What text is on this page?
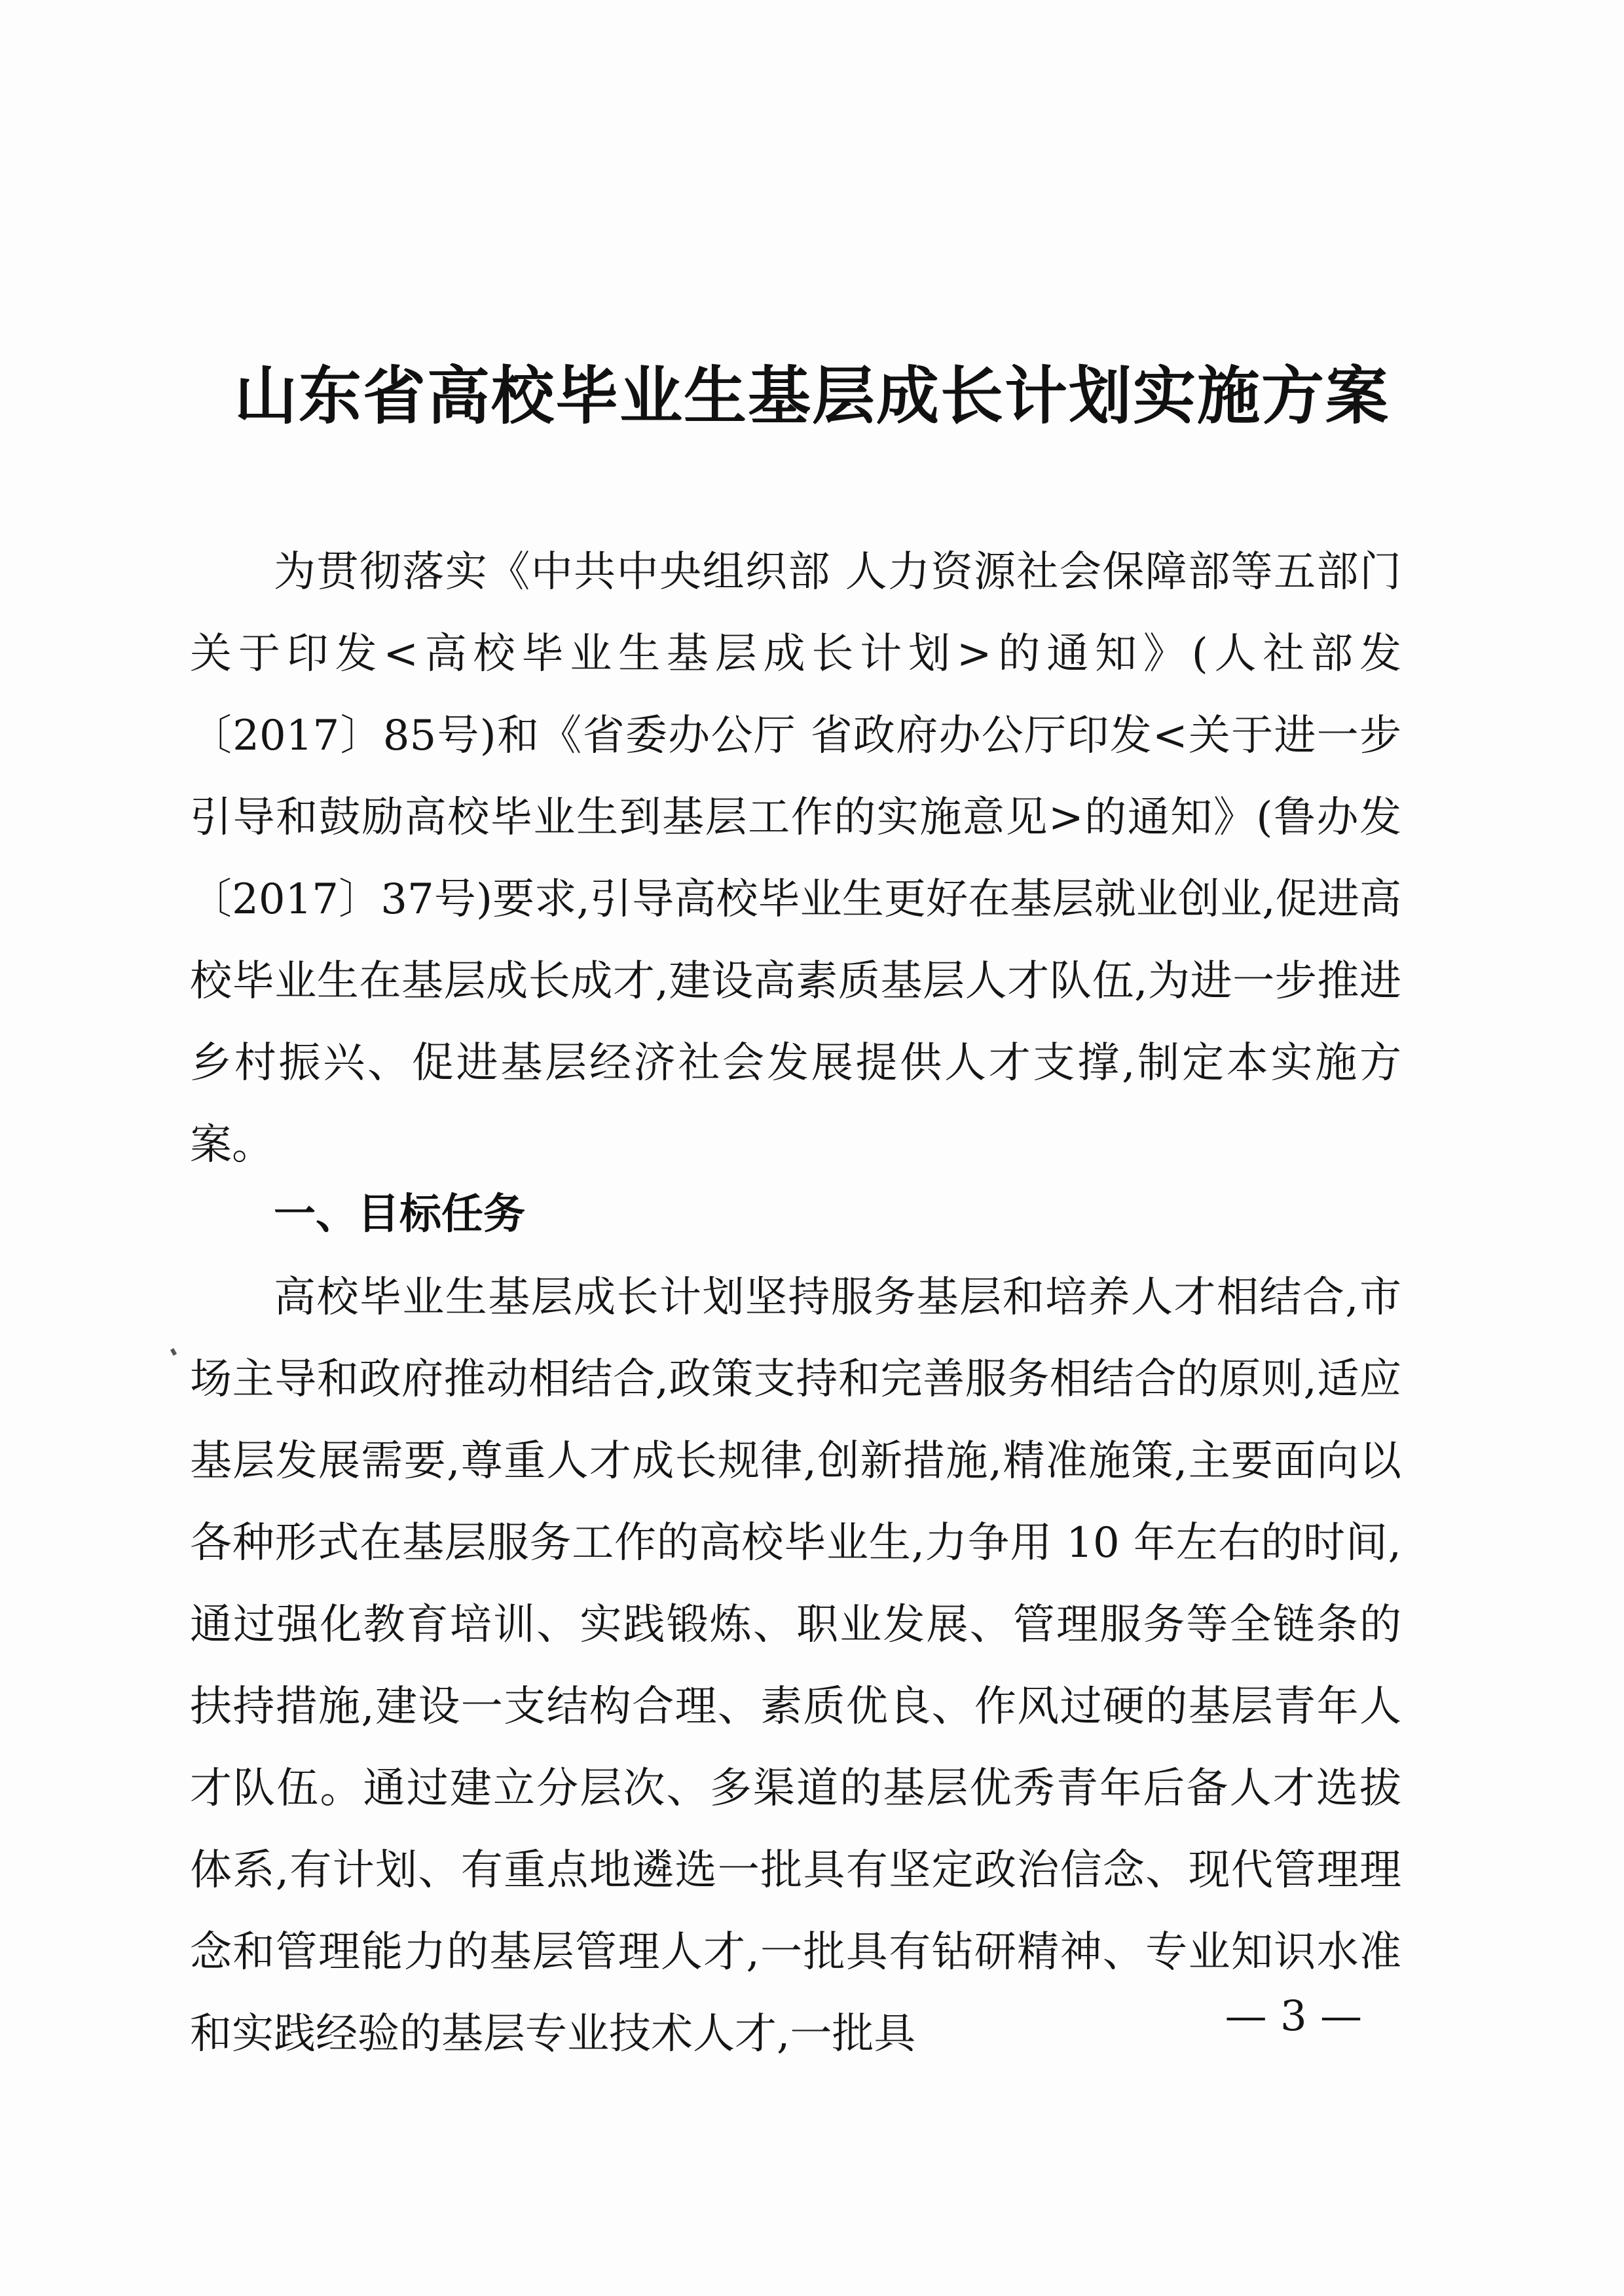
山东省高校毕业生基层成长计划实施方案

为贯彻落实《中共中央组织部 人力资源社会保障部等五部门关于印发<高校毕业生基层成长计划>的通知》(人社部发〔2017〕85号)和《省委办公厅 省政府办公厅印发<关于进一步引导和鼓励高校毕业生到基层工作的实施意见>的通知》(鲁办发〔2017〕37号)要求,引导高校毕业生更好在基层就业创业,促进高校毕业生在基层成长成才,建设高素质基层人才队伍,为进一步推进乡村振兴、促进基层经济社会发展提供人才支撑,制定本实施方案。

一、目标任务

高校毕业生基层成长计划坚持服务基层和培养人才相结合,市场主导和政府推动相结合,政策支持和完善服务相结合的原则,适应基层发展需要,尊重人才成长规律,创新措施,精准施策,主要面向以各种形式在基层服务工作的高校毕业生,力争用 10 年左右的时间,通过强化教育培训、实践锻炼、职业发展、管理服务等全链条的扶持措施,建设一支结构合理、素质优良、作风过硬的基层青年人才队伍。通过建立分层次、多渠道的基层优秀青年后备人才选拔体系,有计划、有重点地遴选一批具有坚定政治信念、现代管理理念和管理能力的基层管理人才,一批具有钻研精神、专业知识水准和实践经验的基层专业技术人才,一批具	— 3 —
